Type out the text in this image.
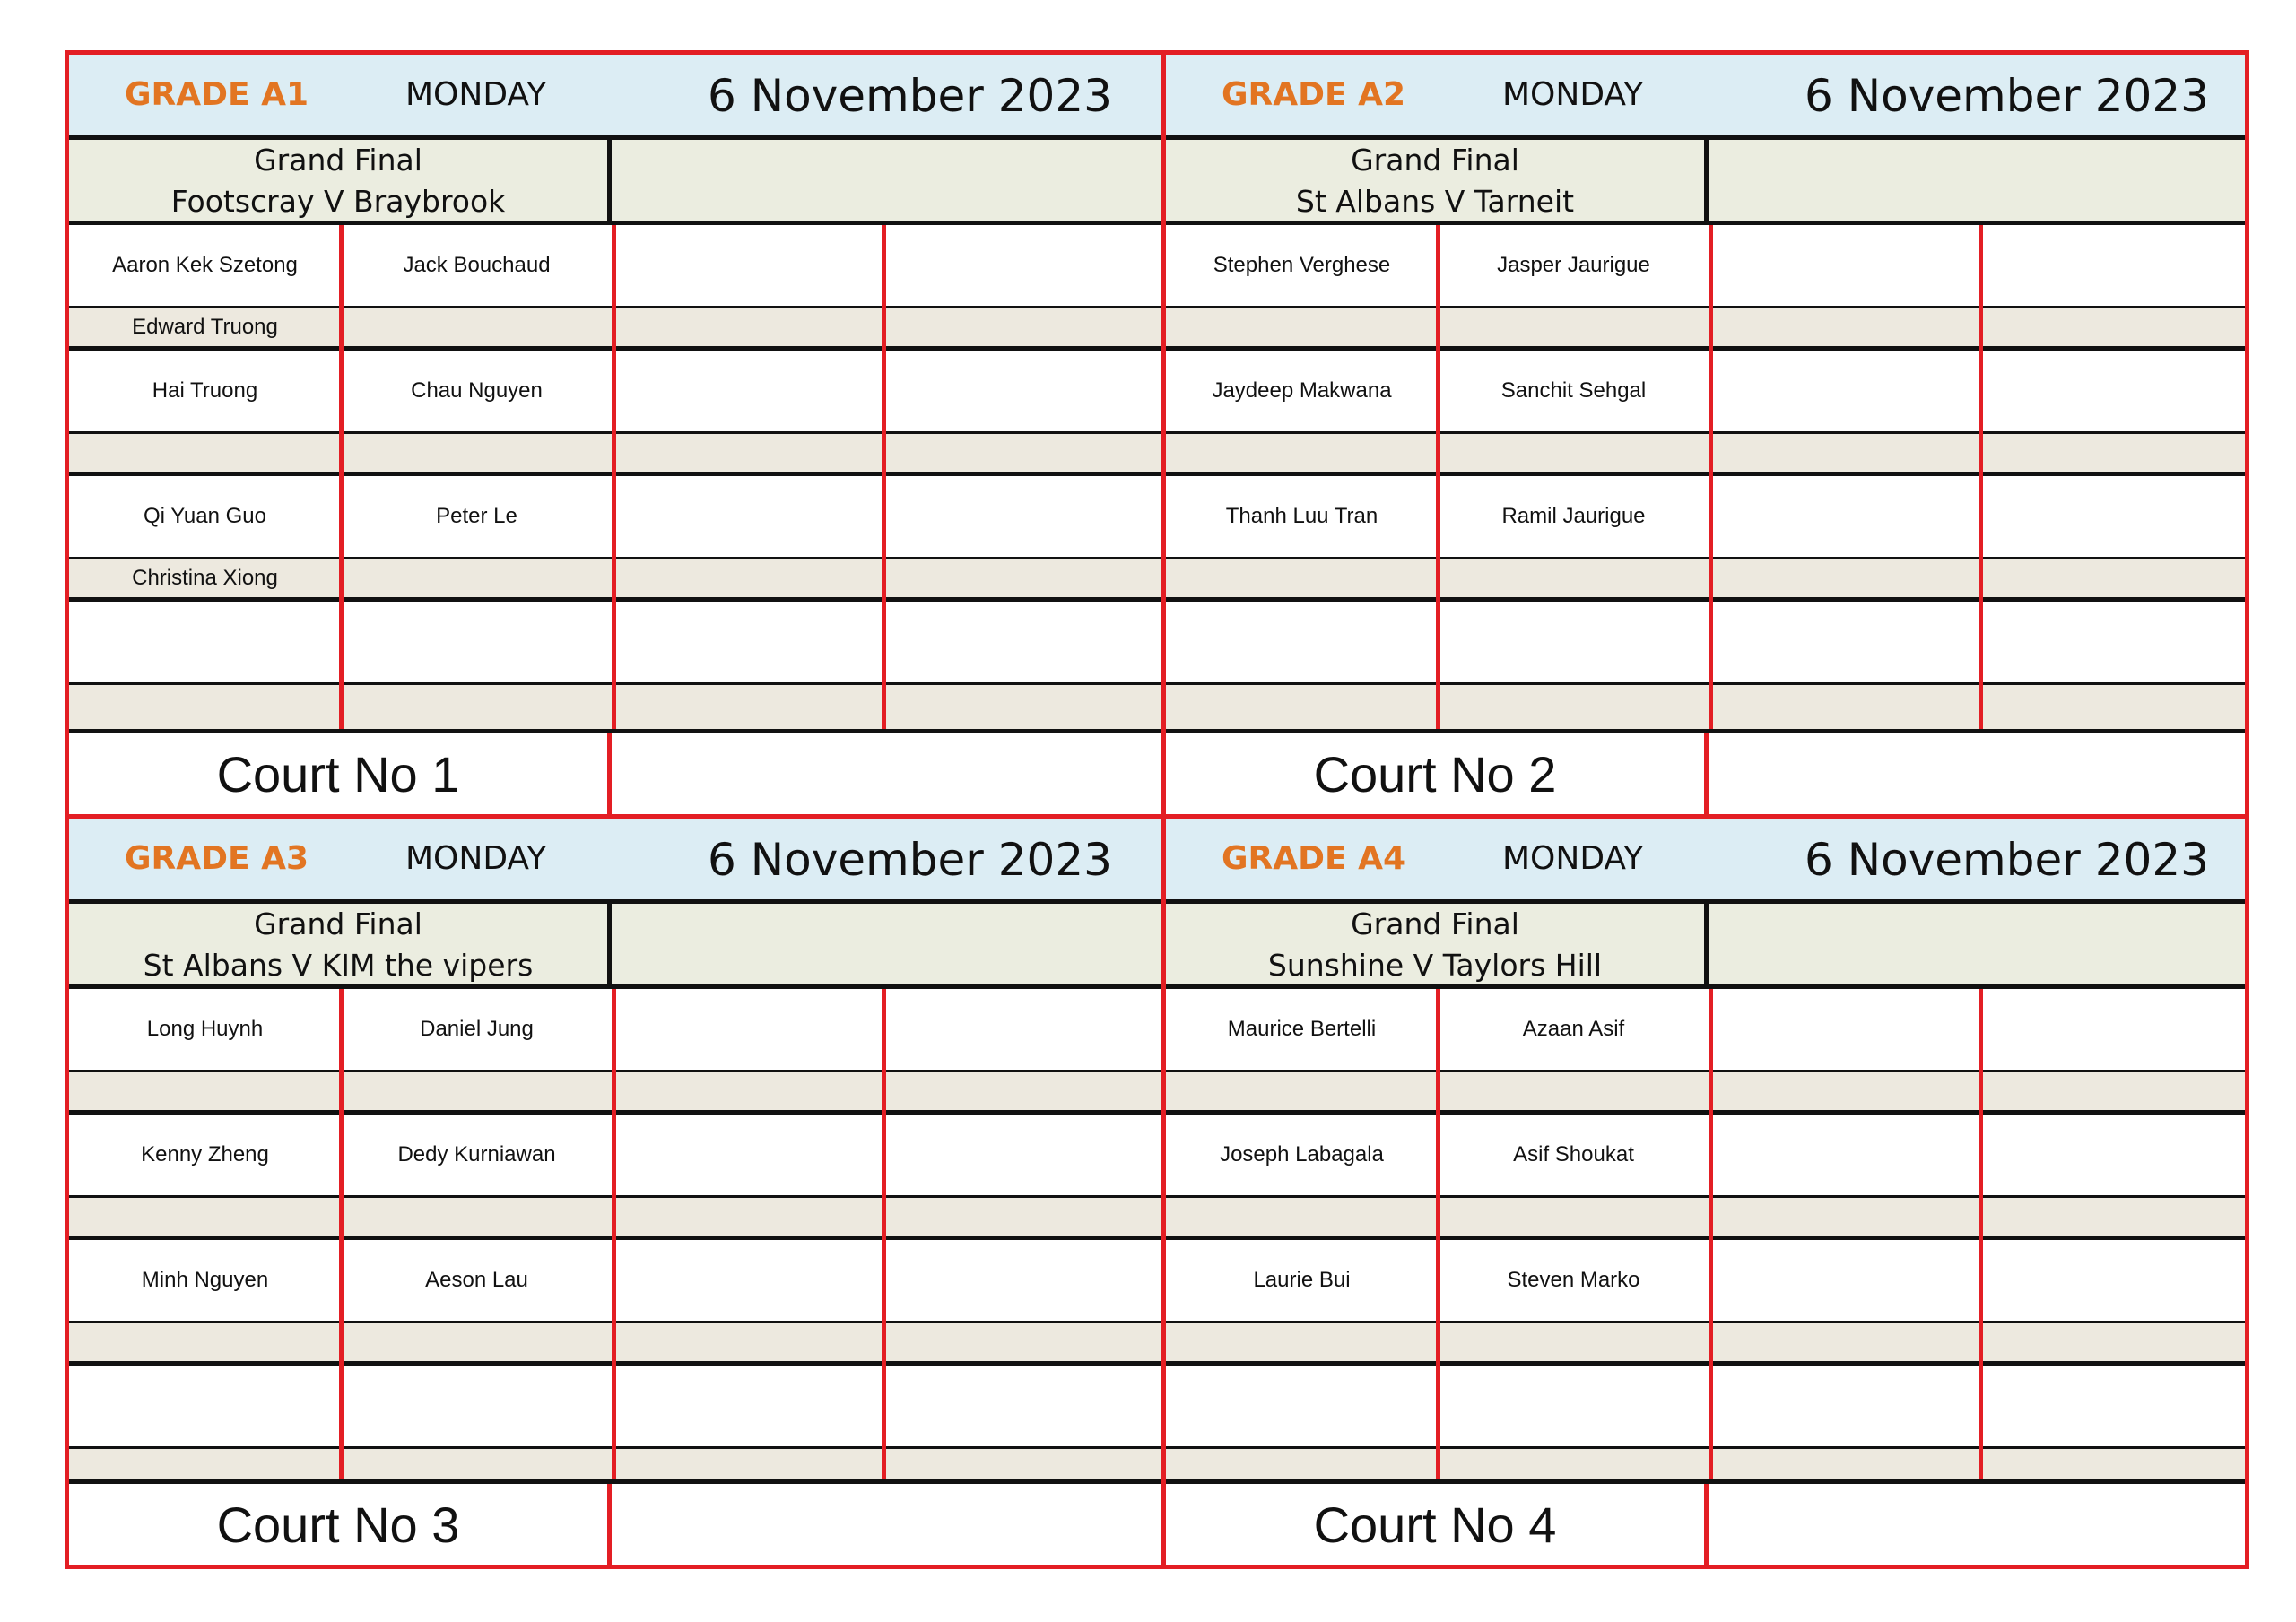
GRADE A1	MONDAY	6 November 2023
Grand Final
Footscray V Braybrook
Aaron Kek Szetong	Jack Bouchaud
Edward Truong
Hai Truong	Chau Nguyen
Qi Yuan Guo	Peter Le
Christina Xiong
Court No 1
GRADE A2	MONDAY	6 November 2023
Grand Final
St Albans V Tarneit
Stephen Verghese	Jasper Jaurigue
Jaydeep Makwana	Sanchit Sehgal
Thanh Luu Tran	Ramil Jaurigue
Court No 2
GRADE A3	MONDAY	6 November 2023
Grand Final
St Albans V KIM the vipers
Long Huynh	Daniel Jung
Kenny Zheng	Dedy Kurniawan
Minh Nguyen	Aeson Lau
Court No 3
GRADE A4	MONDAY	6 November 2023
Grand Final
Sunshine V Taylors Hill
Maurice Bertelli	Azaan Asif
Joseph Labagala	Asif Shoukat
Laurie Bui	Steven Marko
Court No 4
